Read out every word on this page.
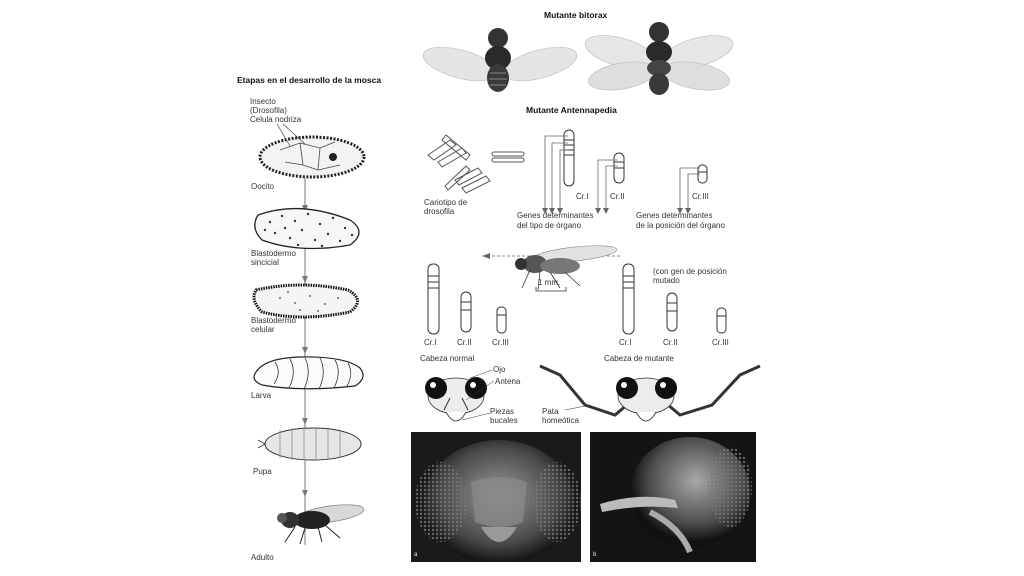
Etapas en el desarrollo de la mosca
Insecto
(Drosofila)
Celula nodriza
Oocito
Blastodermo
sincicial
Blastodermo
celular
Larva
Pupa
Adulto
Mutante bitorax
Mutante Antennapedia
Cariotipo de
drosofila
Cr.I	Cr.II	Cr.III
Genes determinantes
del tipo de órgano
Genes determinantes
de la posición del órgano
1 mm.
(con gen de posición
mutado
Cr.I	Cr.II	Cr.III	Cr.I	Cr.II	Cr.III
Cabeza normal	Cabeza de mutante
Ojo
Antena
Piezas
bucales
Pata
homeótica
a	b
